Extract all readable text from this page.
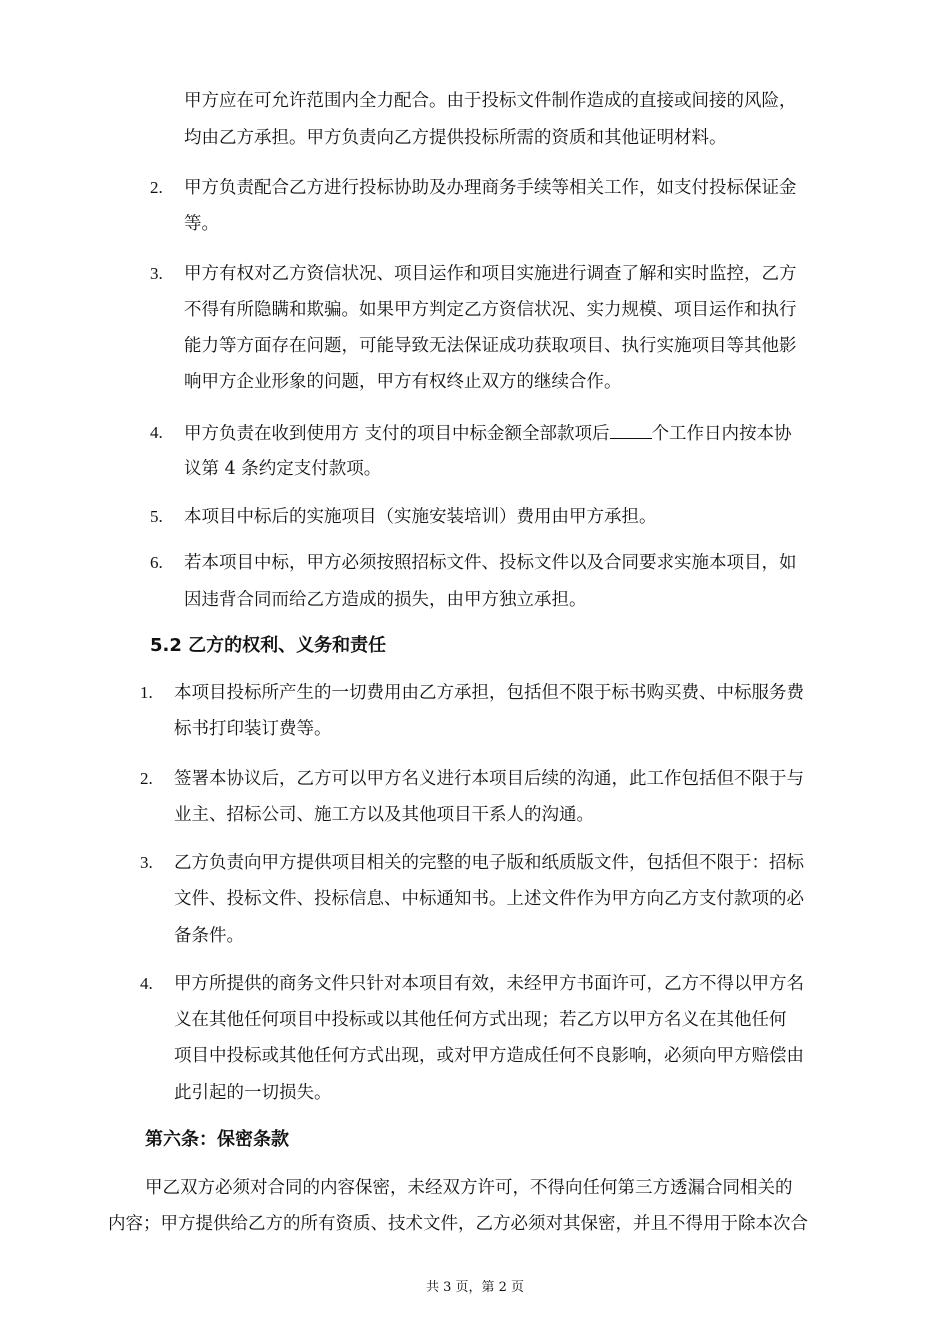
甲方应在可允许范围内全力配合。由于投标文件制作造成的直接或间接的风险，
均由乙方承担。甲方负责向乙方提供投标所需的资质和其他证明材料。
2. 甲方负责配合乙方进行投标协助及办理商务手续等相关工作，如支付投标保证金
等。
3. 甲方有权对乙方资信状况、项目运作和项目实施进行调查了解和实时监控，乙方
不得有所隐瞒和欺骗。如果甲方判定乙方资信状况、实力规模、项目运作和执行
能力等方面存在问题，可能导致无法保证成功获取项目、执行实施项目等其他影
响甲方企业形象的问题，甲方有权终止双方的继续合作。
4. 甲方负责在收到使用方 支付的项目中标金额全部款项后 个工作日内按本协
议第 4 条约定支付款项。
5. 本项目中标后的实施项目（实施安装培训）费用由甲方承担。
6. 若本项目中标，甲方必须按照招标文件、投标文件以及合同要求实施本项目，如
因违背合同而给乙方造成的损失，由甲方独立承担。
5.2 乙方的权利、义务和责任
1. 本项目投标所产生的一切费用由乙方承担，包括但不限于标书购买费、中标服务费
标书打印装订费等。
2. 签署本协议后，乙方可以甲方名义进行本项目后续的沟通，此工作包括但不限于与
业主、招标公司、施工方以及其他项目干系人的沟通。
3. 乙方负责向甲方提供项目相关的完整的电子版和纸质版文件，包括但不限于：招标
文件、投标文件、投标信息、中标通知书。上述文件作为甲方向乙方支付款项的必
备条件。
4. 甲方所提供的商务文件只针对本项目有效，未经甲方书面许可，乙方不得以甲方名
义在其他任何项目中投标或以其他任何方式出现；若乙方以甲方名义在其他任何
项目中投标或其他任何方式出现，或对甲方造成任何不良影响，必须向甲方赔偿由
此引起的一切损失。
第六条：保密条款
甲乙双方必须对合同的内容保密，未经双方许可，不得向任何第三方透漏合同相关的
内容；甲方提供给乙方的所有资质、技术文件，乙方必须对其保密，并且不得用于除本次合
共 3 页，第 2 页
